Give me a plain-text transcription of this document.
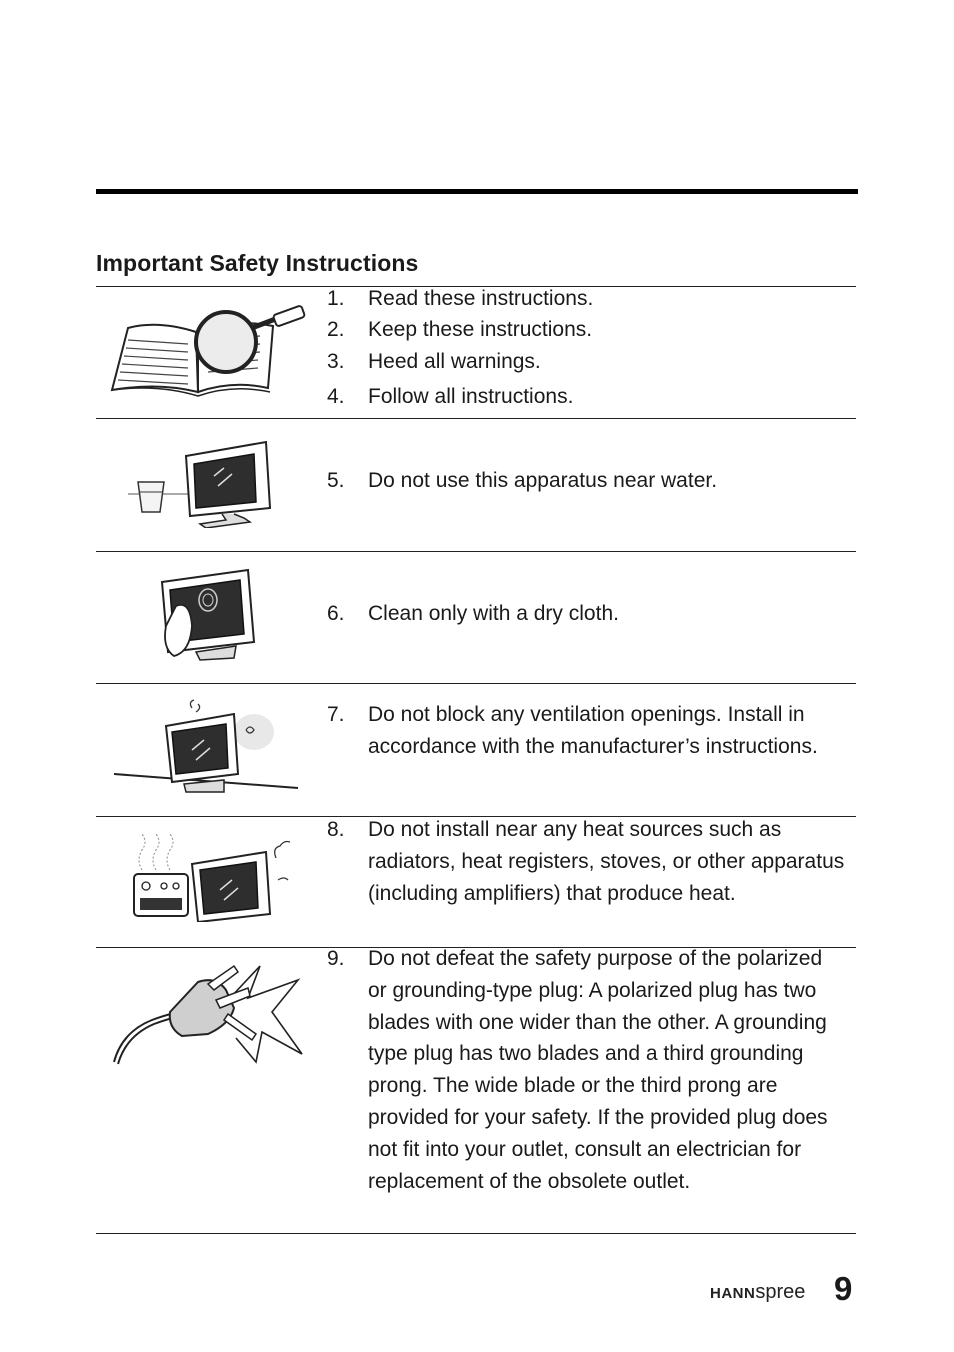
Important Safety Instructions
1. Read these instructions.
2. Keep these instructions.
3. Heed all warnings.
4. Follow all instructions.
5. Do not use this apparatus near water.
6. Clean only with a dry cloth.
7. Do not block any ventilation openings. Install in accordance with the manufacturer’s instructions.
8. Do not install near any heat sources such as radiators, heat registers, stoves, or other apparatus (including amplifiers) that produce heat.
9. Do not defeat the safety purpose of the polarized or grounding-type plug: A polarized plug has two blades with one wider than the other. A grounding type plug has two blades and a third grounding prong. The wide blade or the third prong are provided for your safety. If the provided plug does not fit into your outlet, consult an electrician for replacement of the obsolete outlet.
HANNspree 9
